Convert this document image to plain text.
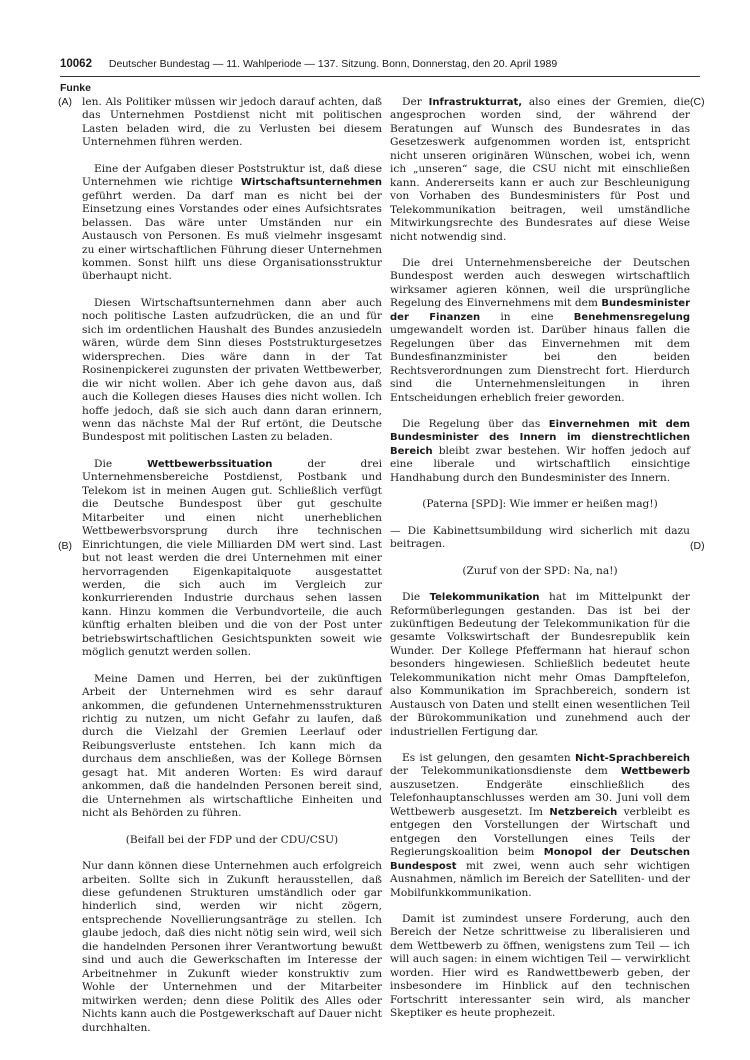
10062 Deutscher Bundestag — 11. Wahlperiode — 137. Sitzung. Bonn, Donnerstag, den 20. April 1989
Funke
(A)
(B)
(C)
(D)

len. Als Politiker müssen wir jedoch darauf achten, daß das Unternehmen Postdienst nicht mit politischen Lasten beladen wird, die zu Verlusten bei diesem Unternehmen führen werden.

Eine der Aufgaben dieser Poststruktur ist, daß diese Unternehmen wie richtige Wirtschaftsunternehmen geführt werden. Da darf man es nicht bei der Einsetzung eines Vorstandes oder eines Aufsichtsrates belassen. Das wäre unter Umständen nur ein Austausch von Personen. Es muß vielmehr insgesamt zu einer wirtschaftlichen Führung dieser Unternehmen kommen. Sonst hilft uns diese Organisationsstruktur überhaupt nicht.

Diesen Wirtschaftsunternehmen dann aber auch noch politische Lasten aufzudrücken, die an und für sich im ordentlichen Haushalt des Bundes anzusiedeln wären, würde dem Sinn dieses Poststrukturgesetzes widersprechen. Dies wäre dann in der Tat Rosinenpickerei zugunsten der privaten Wettbewerber, die wir nicht wollen. Aber ich gehe davon aus, daß auch die Kollegen dieses Hauses dies nicht wollen. Ich hoffe jedoch, daß sie sich auch dann daran erinnern, wenn das nächste Mal der Ruf ertönt, die Deutsche Bundespost mit politischen Lasten zu beladen.

Die Wettbewerbssituation der drei Unternehmensbereiche Postdienst, Postbank und Telekom ist in meinen Augen gut. Schließlich verfügt die Deutsche Bundespost über gut geschulte Mitarbeiter und einen nicht unerheblichen Wettbewerbsvorsprung durch ihre technischen Einrichtungen, die viele Milliarden DM wert sind. Last but not least werden die drei Unternehmen mit einer hervorragenden Eigenkapitalquote ausgestattet werden, die sich auch im Vergleich zur konkurrierenden Industrie durchaus sehen lassen kann. Hinzu kommen die Verbundvorteile, die auch künftig erhalten bleiben und die von der Post unter betriebswirtschaftlichen Gesichtspunkten soweit wie möglich genutzt werden sollen.

Meine Damen und Herren, bei der zukünftigen Arbeit der Unternehmen wird es sehr darauf ankommen, die gefundenen Unternehmensstrukturen richtig zu nutzen, um nicht Gefahr zu laufen, daß durch die Vielzahl der Gremien Leerlauf oder Reibungsverluste entstehen. Ich kann mich da durchaus dem anschließen, was der Kollege Börnsen gesagt hat. Mit anderen Worten: Es wird darauf ankommen, daß die handelnden Personen bereit sind, die Unternehmen als wirtschaftliche Einheiten und nicht als Behörden zu führen.

(Beifall bei der FDP und der CDU/CSU)

Nur dann können diese Unternehmen auch erfolgreich arbeiten. Sollte sich in Zukunft herausstellen, daß diese gefundenen Strukturen umständlich oder gar hinderlich sind, werden wir nicht zögern, entsprechende Novellierungsanträge zu stellen. Ich glaube jedoch, daß dies nicht nötig sein wird, weil sich die handelnden Personen ihrer Verantwortung bewußt sind und auch die Gewerkschaften im Interesse der Arbeitnehmer in Zukunft wieder konstruktiv zum Wohle der Unternehmen und der Mitarbeiter mitwirken werden; denn diese Politik des Alles oder Nichts kann auch die Postgewerkschaft auf Dauer nicht durchhalten.

Der Infrastrukturrat, also eines der Gremien, die angesprochen worden sind, der während der Beratungen auf Wunsch des Bundesrates in das Gesetzeswerk aufgenommen worden ist, entspricht nicht unseren originären Wünschen, wobei ich, wenn ich „unseren“ sage, die CSU nicht mit einschließen kann. Andererseits kann er auch zur Beschleunigung von Vorhaben des Bundesministers für Post und Telekommunikation beitragen, weil umständliche Mitwirkungsrechte des Bundesrates auf diese Weise nicht notwendig sind.

Die drei Unternehmensbereiche der Deutschen Bundespost werden auch deswegen wirtschaftlich wirksamer agieren können, weil die ursprüngliche Regelung des Einvernehmens mit dem Bundesminister der Finanzen in eine Benehmensregelung umgewandelt worden ist. Darüber hinaus fallen die Regelungen über das Einvernehmen mit dem Bundesfinanzminister bei den beiden Rechtsverordnungen zum Dienstrecht fort. Hierdurch sind die Unternehmensleitungen in ihren Entscheidungen erheblich freier geworden.

Die Regelung über das Einvernehmen mit dem Bundesminister des Innern im dienstrechtlichen Bereich bleibt zwar bestehen. Wir hoffen jedoch auf eine liberale und wirtschaftlich einsichtige Handhabung durch den Bundesminister des Innern.

(Paterna [SPD]: Wie immer er heißen mag!)

— Die Kabinettsumbildung wird sicherlich mit dazu beitragen.

(Zuruf von der SPD: Na, na!)

Die Telekommunikation hat im Mittelpunkt der Reformüberlegungen gestanden. Das ist bei der zukünftigen Bedeutung der Telekommunikation für die gesamte Volkswirtschaft der Bundesrepublik kein Wunder. Der Kollege Pfeffermann hat hierauf schon besonders hingewiesen. Schließlich bedeutet heute Telekommunikation nicht mehr Omas Dampftelefon, also Kommunikation im Sprachbereich, sondern ist Austausch von Daten und stellt einen wesentlichen Teil der Bürokommunikation und zunehmend auch der industriellen Fertigung dar.

Es ist gelungen, den gesamten Nicht-Sprachbereich der Telekommunikationsdienste dem Wettbewerb auszusetzen. Endgeräte einschließlich des Telefonhauptanschlusses werden am 30. Juni voll dem Wettbewerb ausgesetzt. Im Netzbereich verbleibt es entgegen den Vorstellungen der Wirtschaft und entgegen den Vorstellungen eines Teils der Regierungskoalition beim Monopol der Deutschen Bundespost mit zwei, wenn auch sehr wichtigen Ausnahmen, nämlich im Bereich der Satelliten- und der Mobilfunkkommunikation.

Damit ist zumindest unsere Forderung, auch den Bereich der Netze schrittweise zu liberalisieren und dem Wettbewerb zu öffnen, wenigstens zum Teil — ich will auch sagen: in einem wichtigen Teil — verwirklicht worden. Hier wird es Randwettbewerb geben, der insbesondere im Hinblick auf den technischen Fortschritt interessanter sein wird, als mancher Skeptiker es heute prophezeit.
